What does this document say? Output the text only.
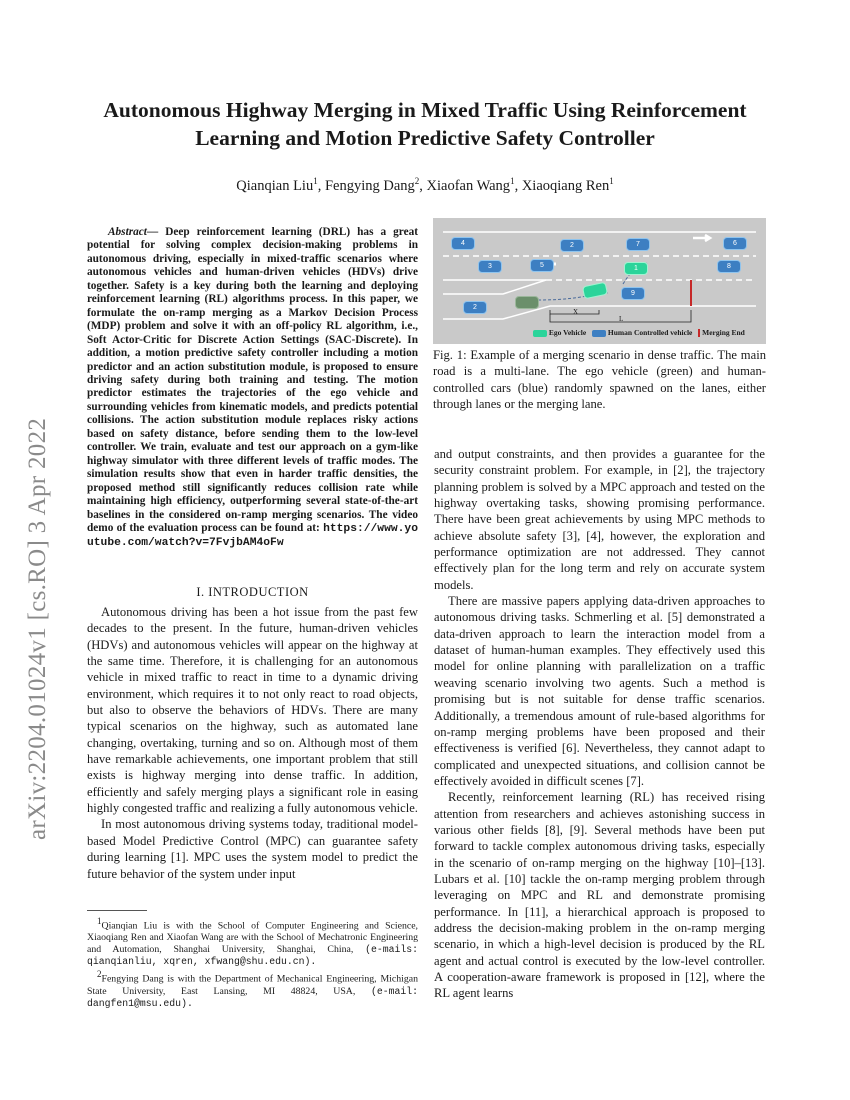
arXiv:2204.01024v1 [cs.RO] 3 Apr 2022
Autonomous Highway Merging in Mixed Traffic Using Reinforcement Learning and Motion Predictive Safety Controller
Qianqian Liu$^1$, Fengying Dang$^2$, Xiaofan Wang$^1$, Xiaoqiang Ren$^1$
Abstract— Deep reinforcement learning (DRL) has a great potential for solving complex decision-making problems in autonomous driving, especially in mixed-traffic scenarios where autonomous vehicles and human-driven vehicles (HDVs) drive together. Safety is a key during both the learning and deploying reinforcement learning (RL) algorithms process. In this paper, we formulate the on-ramp merging as a Markov Decision Process (MDP) problem and solve it with an off-policy RL algorithm, i.e., Soft Actor-Critic for Discrete Action Settings (SAC-Discrete). In addition, a motion predictive safety controller including a motion predictor and an action substitution module, is proposed to ensure driving safety during both training and testing. The motion predictor estimates the trajectories of the ego vehicle and surrounding vehicles from kinematic models, and predicts potential collisions. The action substitution module replaces risky actions based on safety distance, before sending them to the low-level controller. We train, evaluate and test our approach on a gym-like highway simulator with three different levels of traffic modes. The simulation results show that even in harder traffic densities, the proposed method still significantly reduces collision rate while maintaining high efficiency, outperforming several state-of-the-art baselines in the considered on-ramp merging scenarios. The video demo of the evaluation process can be found at: https://www.youtube.com/watch?v=7FvjbAM4oFw
I. INTRODUCTION

Autonomous driving has been a hot issue from the past few decades to the present. In the future, human-driven vehicles (HDVs) and autonomous vehicles will appear on the highway at the same time. Therefore, it is challenging for an autonomous vehicle in mixed traffic to react in time to a dynamic driving environment, which requires it to not only react to road objects, but also to observe the behaviors of HDVs. There are many typical scenarios on the highway, such as automated lane changing, overtaking, turning and so on. Although most of them have remarkable achievements, one important problem that still exists is highway merging into dense traffic. In addition, efficiently and safely merging plays a significant role in easing highly congested traffic and realizing a fully autonomous vehicle.

In most autonomous driving systems today, traditional model-based Model Predictive Control (MPC) can guarantee safety during learning [1]. MPC uses the system model to predict the future behavior of the system under input

$^1$Qianqian Liu is with the School of Computer Engineering and Science, Xiaoqiang Ren and Xiaofan Wang are with the School of Mechatronic Engineering and Automation, Shanghai University, Shanghai, China, (e-mails: qianqianliu, xqren, xfwang@shu.edu.cn).

$^2$Fengying Dang is with the Department of Mechanical Engineering, Michigan State University, East Lansing, MI 48824, USA, (e-mail: dangfen1@msu.edu).

4	2	7	6
3	5	1	8
2
9
X
L
Ego Vehicle	Human Controlled vehicle Merging End
Fig. 1: Example of a merging scenario in dense traffic. The main road is a multi-lane. The ego vehicle (green) and human-controlled cars (blue) randomly spawned on the lanes, either through lanes or the merging lane.

and output constraints, and then provides a guarantee for the security constraint problem. For example, in [2], the trajectory planning problem is solved by a MPC approach and tested on the highway overtaking tasks, showing promising performance. There have been great achievements by using MPC methods to achieve absolute safety [3], [4], however, the exploration and performance optimization are not addressed. They cannot effectively plan for the long term and rely on accurate system models.

There are massive papers applying data-driven approaches to autonomous driving tasks. Schmerling et al. [5] demonstrated a data-driven approach to learn the interaction model from a dataset of human-human examples. They effectively used this model for online planning with parallelization on a traffic weaving scenario involving two agents. Such a method is promising but is not suitable for dense traffic scenarios. Additionally, a tremendous amount of rule-based algorithms for on-ramp merging problems have been proposed and their effectiveness is verified [6]. Nevertheless, they cannot adapt to complicated and unexpected situations, and collision cannot be effectively avoided in difficult scenes [7].

Recently, reinforcement learning (RL) has received rising attention from researchers and achieves astonishing success in various other fields [8], [9]. Several methods have been put forward to tackle complex autonomous driving tasks, especially in the scenario of on-ramp merging on the highway [10]–[13]. Lubars et al. [10] tackle the on-ramp merging problem through leveraging on MPC and RL and demonstrate promising performance. In [11], a hierarchical approach is proposed to address the decision-making problem in the on-ramp merging scenario, in which a high-level decision is produced by the RL agent and actual control is executed by the low-level controller. A cooperation-aware framework is proposed in [12], where the RL agent learns
